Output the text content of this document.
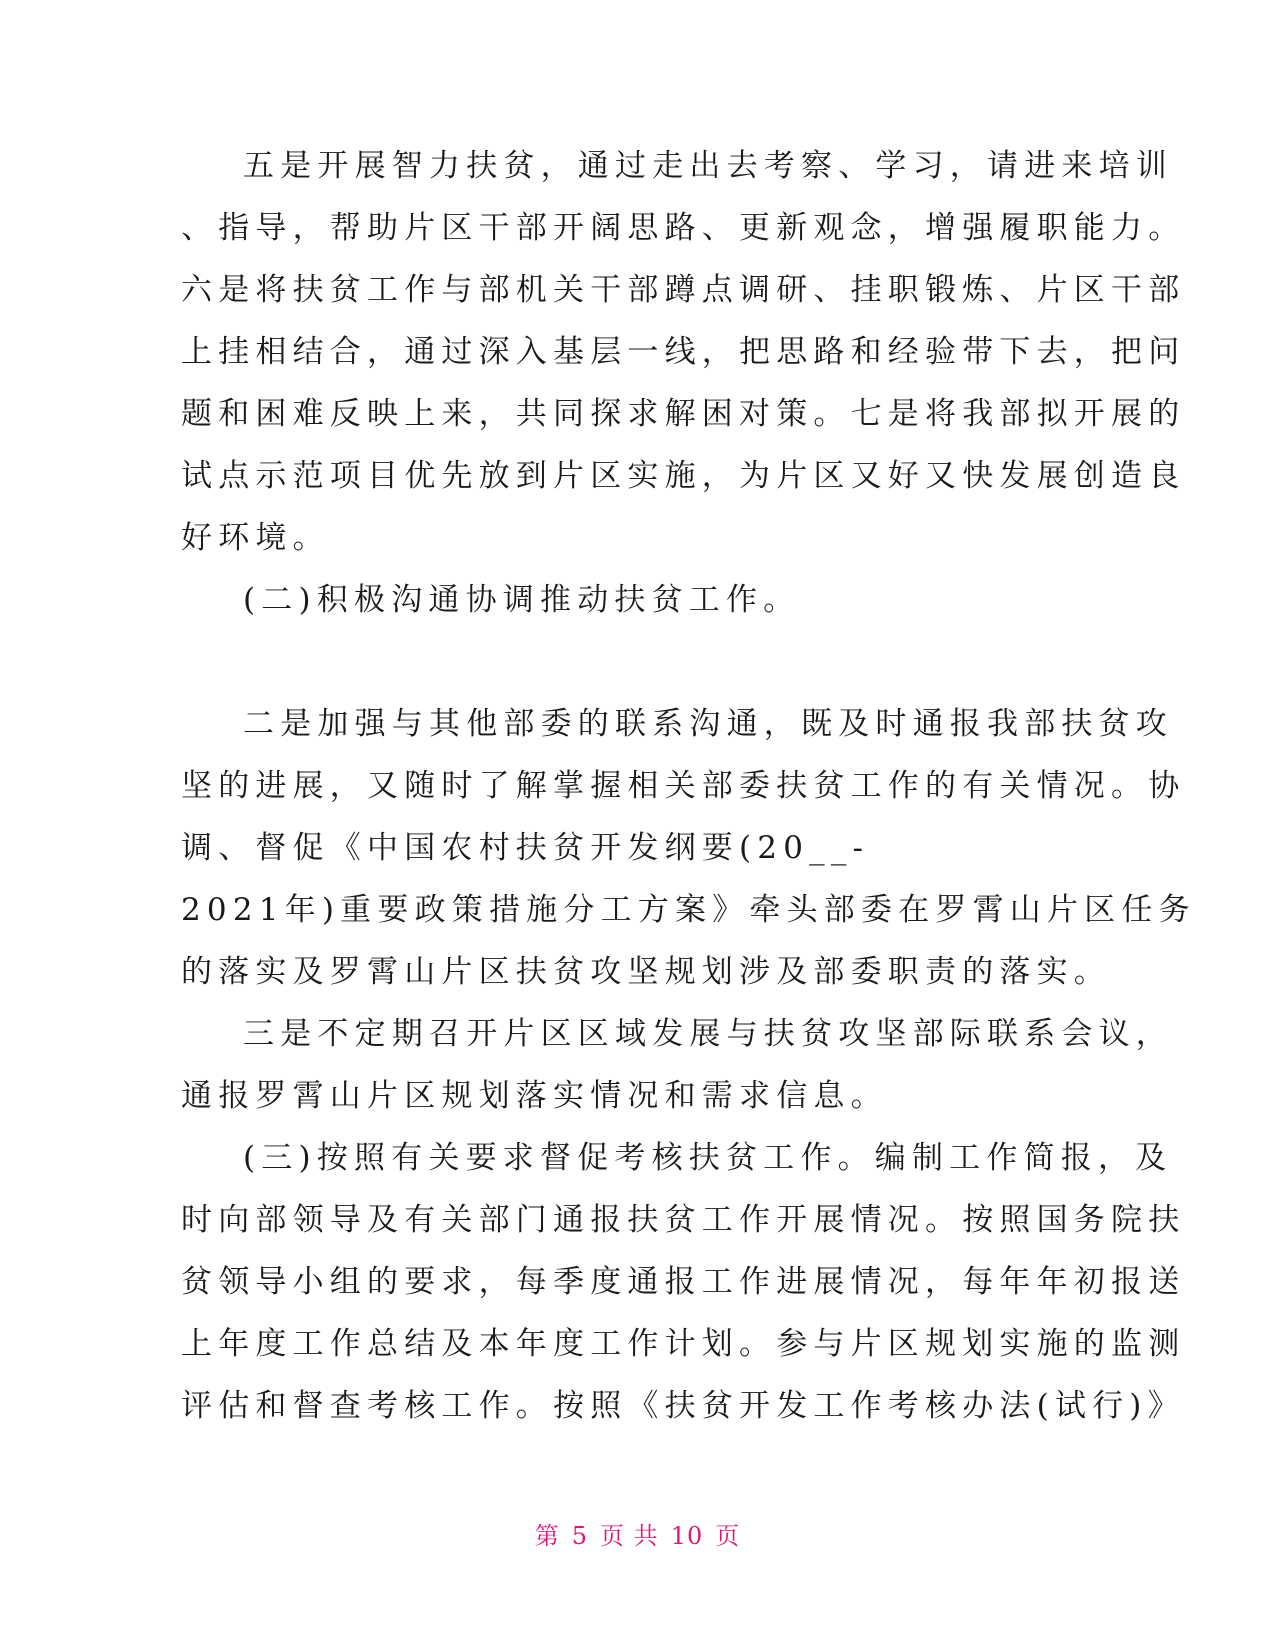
五是开展智力扶贫，通过走出去考察、学习，请进来培训
、指导，帮助片区干部开阔思路、更新观念，增强履职能力。
六是将扶贫工作与部机关干部蹲点调研、挂职锻炼、片区干部
上挂相结合，通过深入基层一线，把思路和经验带下去，把问
题和困难反映上来，共同探求解困对策。七是将我部拟开展的
试点示范项目优先放到片区实施，为片区又好又快发展创造良
好环境。
(二)积极沟通协调推动扶贫工作。
二是加强与其他部委的联系沟通，既及时通报我部扶贫攻
坚的进展，又随时了解掌握相关部委扶贫工作的有关情况。协
调、督促《中国农村扶贫开发纲要(20__-
2021年)重要政策措施分工方案》牵头部委在罗霄山片区任务
的落实及罗霄山片区扶贫攻坚规划涉及部委职责的落实。
三是不定期召开片区区域发展与扶贫攻坚部际联系会议，
通报罗霄山片区规划落实情况和需求信息。
(三)按照有关要求督促考核扶贫工作。编制工作简报，及
时向部领导及有关部门通报扶贫工作开展情况。按照国务院扶
贫领导小组的要求，每季度通报工作进展情况，每年年初报送
上年度工作总结及本年度工作计划。参与片区规划实施的监测
评估和督查考核工作。按照《扶贫开发工作考核办法(试行)》
第 5 页 共 10 页
